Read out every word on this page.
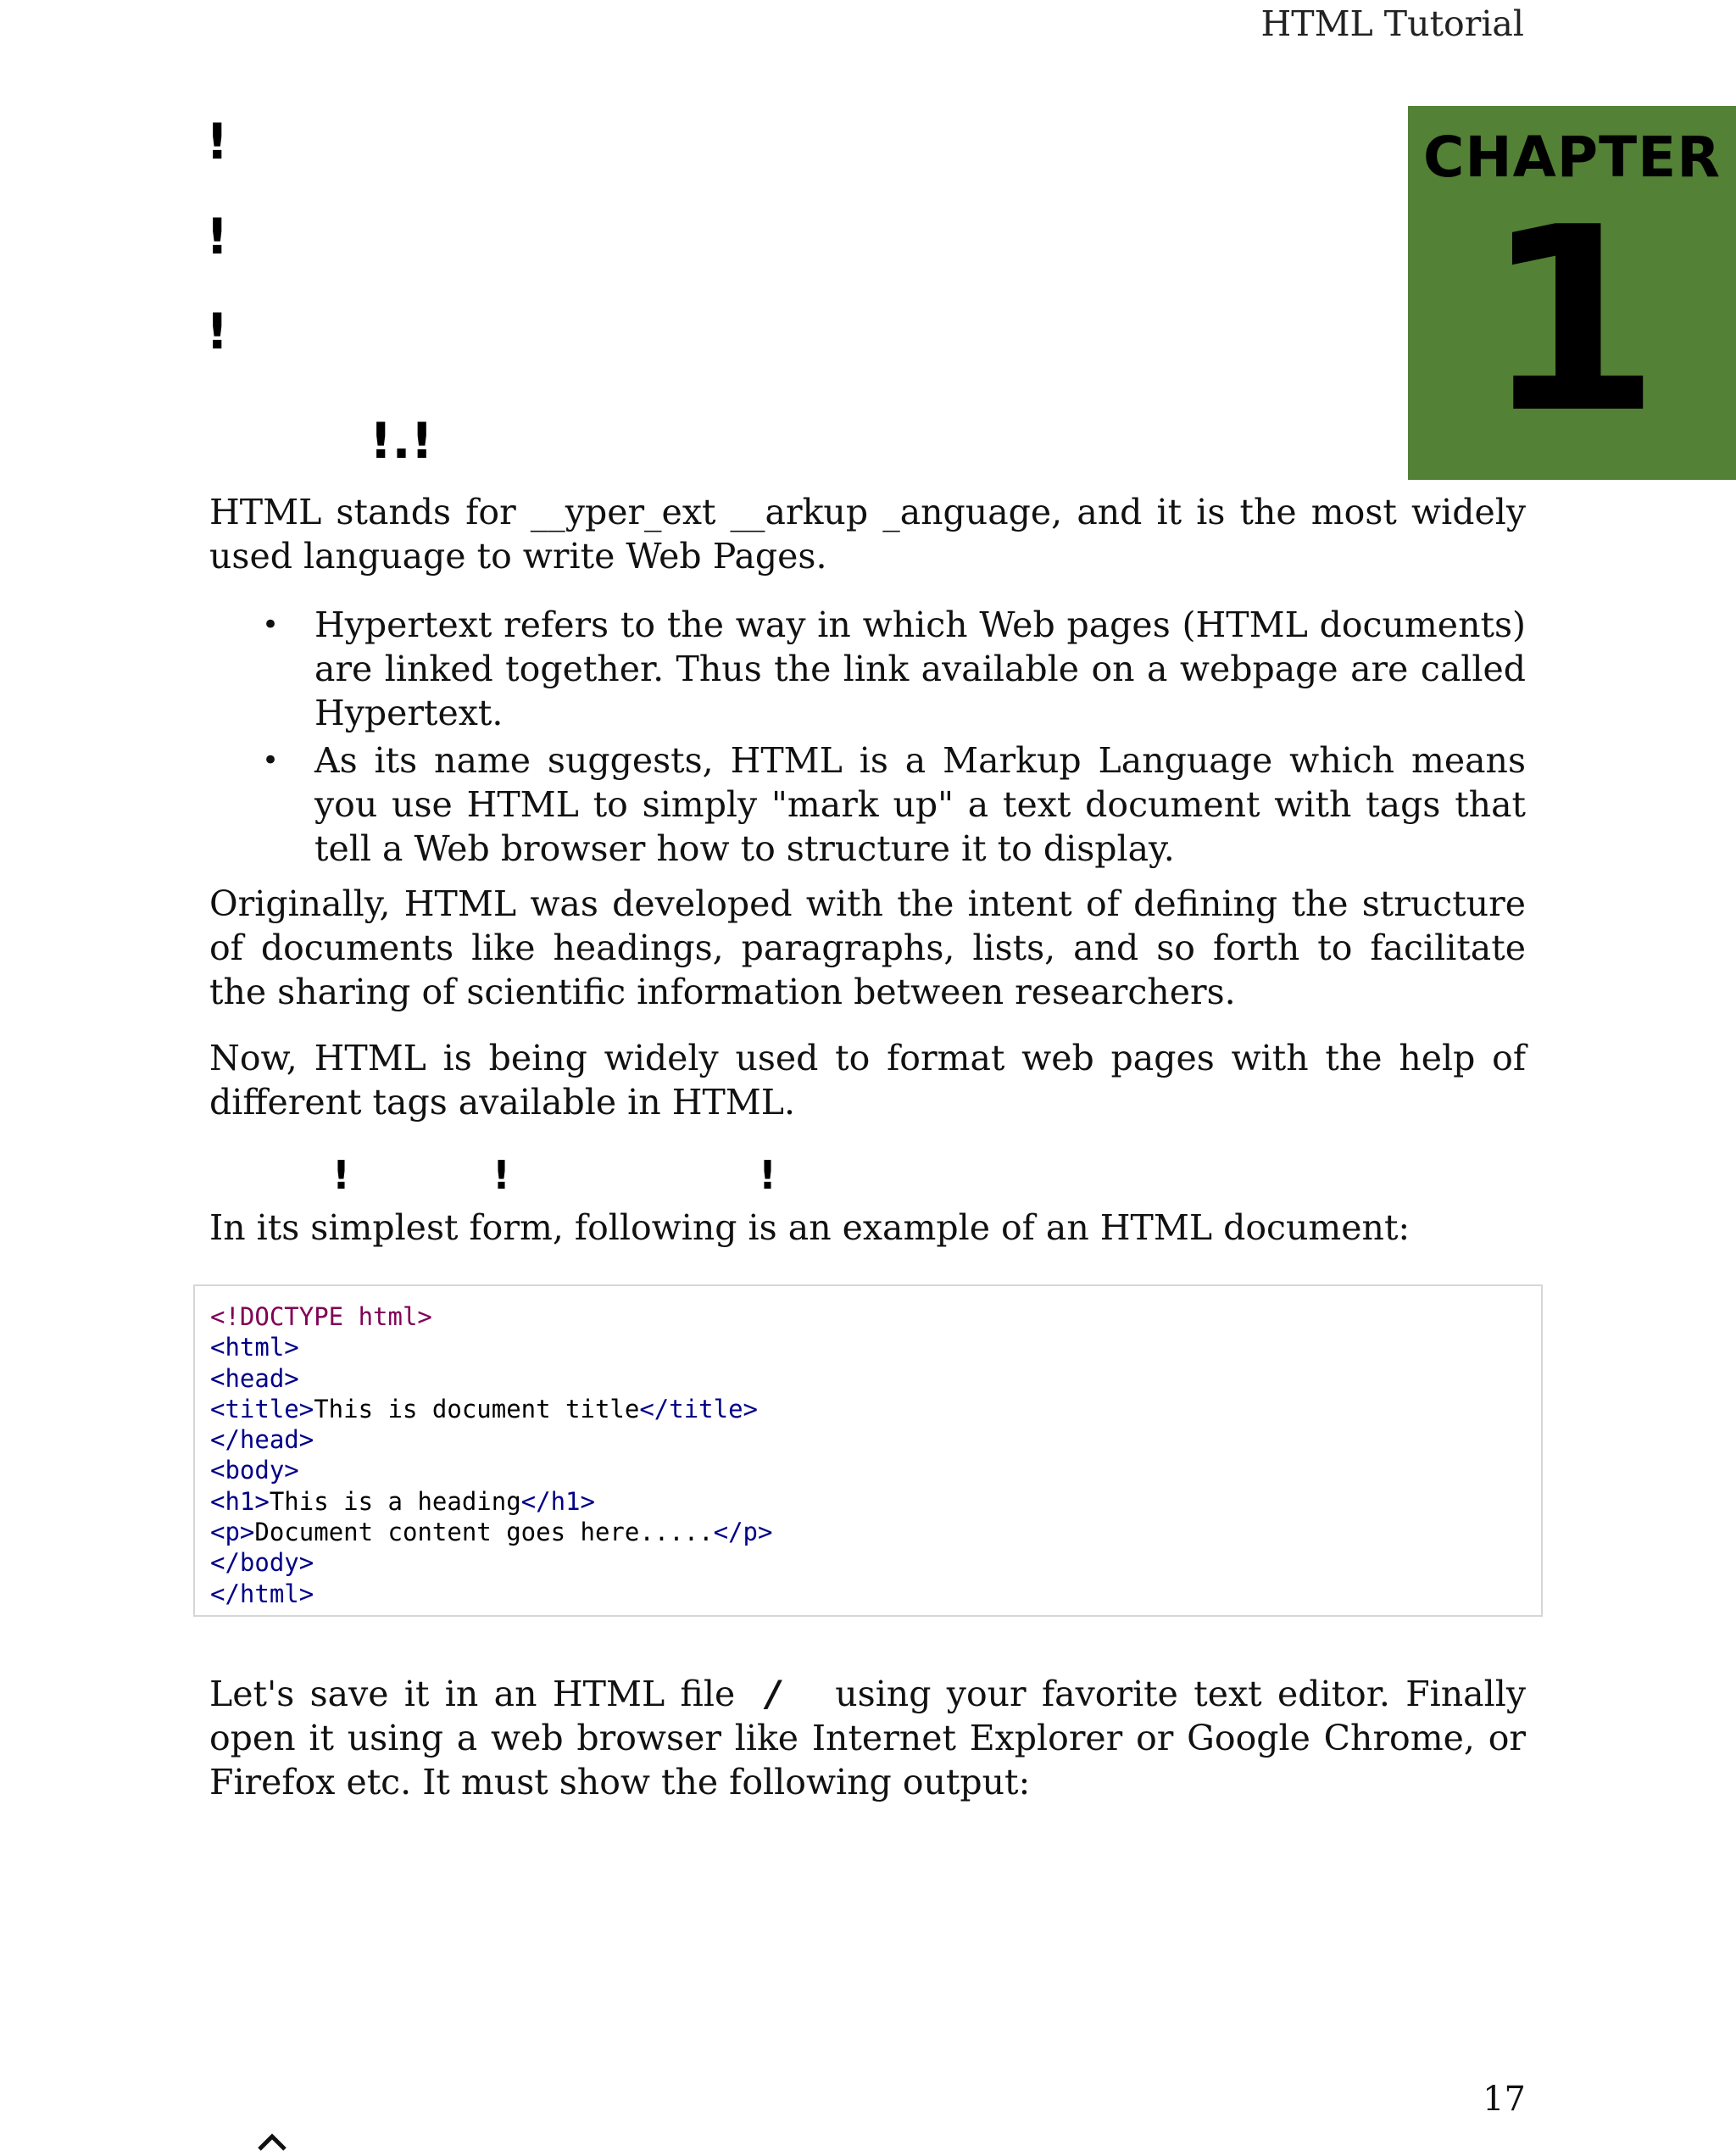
HTML Tutorial
CHAPTER
1
!
!
!
!.!

HTML stands for __yper_ext __arkup _anguage, and it is the most widely used language to write Web Pages.

• Hypertext refers to the way in which Web pages (HTML documents) are linked together. Thus the link available on a webpage are called Hypertext.
• As its name suggests, HTML is a Markup Language which means you use HTML to simply "mark up" a text document with tags that tell a Web browser how to structure it to display.

Originally, HTML was developed with the intent of defining the structure of documents like headings, paragraphs, lists, and so forth to facilitate the sharing of scientific information between researchers.

Now, HTML is being widely used to format web pages with the help of different tags available in HTML.

!	!	!

In its simplest form, following is an example of an HTML document:

<!DOCTYPE html>
<html>
<head>
<title>This is document title</title>
</head>
<body>
<h1>This is a heading</h1>
<p>Document content goes here.....</p>
</body>
</html>

Let's save it in an HTML file / using your favorite text editor. Finally open it using a web browser like Internet Explorer or Google Chrome, or Firefox etc. It must show the following output:

17
